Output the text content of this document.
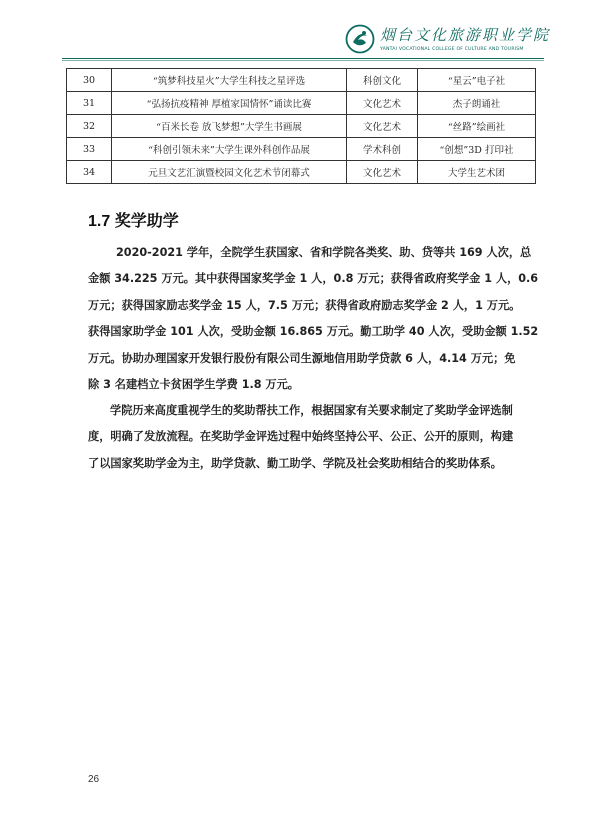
烟台文化旅游职业学院
YANTAI VOCATIONAL COLLEGE OF CULTURE AND TOURISM
30	“筑梦科技星火”大学生科技之星评选	科创文化	“星云”电子社
31	“弘扬抗疫精神 厚植家国情怀”诵读比赛	文化艺术	杰子朗诵社
32	“百米长卷 放飞梦想”大学生书画展	文化艺术	“丝路”绘画社
33	“科创引领未来”大学生课外科创作品展	学术科创	“创想”3D 打印社
34	元旦文艺汇演暨校园文化艺术节闭幕式	文化艺术	大学生艺术团
1.7 奖学助学
2020-2021 学年，全院学生获国家、省和学院各类奖、助、贷等共 169 人次，总
金额 34.225 万元。其中获得国家奖学金 1 人，0.8 万元；获得省政府奖学金 1 人，0.6
万元；获得国家励志奖学金 15 人，7.5 万元；获得省政府励志奖学金 2 人，1 万元。
获得国家助学金 101 人次，受助金额 16.865 万元。勤工助学 40 人次，受助金额 1.52
万元。协助办理国家开发银行股份有限公司生源地信用助学贷款 6 人，4.14 万元；免
除 3 名建档立卡贫困学生学费 1.8 万元。
学院历来高度重视学生的奖助帮扶工作，根据国家有关要求制定了奖助学金评选制
度，明确了发放流程。在奖助学金评选过程中始终坚持公平、公正、公开的原则，构建
了以国家奖助学金为主，助学贷款、勤工助学、学院及社会奖助相结合的奖助体系。
26
